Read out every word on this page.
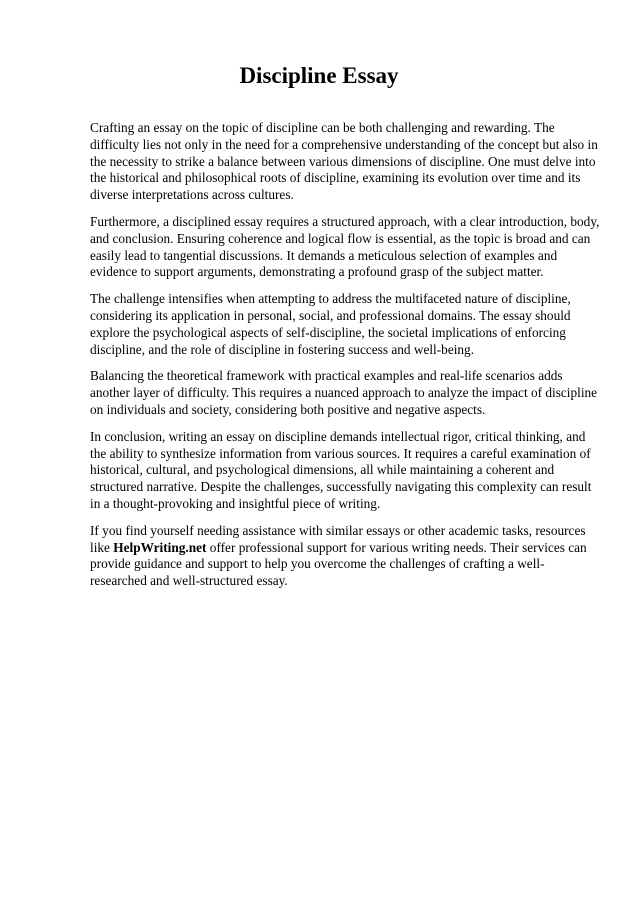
Discipline Essay

Crafting an essay on the topic of discipline can be both challenging and rewarding. The difficulty lies not only in the need for a comprehensive understanding of the concept but also in the necessity to strike a balance between various dimensions of discipline. One must delve into the historical and philosophical roots of discipline, examining its evolution over time and its diverse interpretations across cultures.

Furthermore, a disciplined essay requires a structured approach, with a clear introduction, body, and conclusion. Ensuring coherence and logical flow is essential, as the topic is broad and can easily lead to tangential discussions. It demands a meticulous selection of examples and evidence to support arguments, demonstrating a profound grasp of the subject matter.

The challenge intensifies when attempting to address the multifaceted nature of discipline, considering its application in personal, social, and professional domains. The essay should explore the psychological aspects of self-discipline, the societal implications of enforcing discipline, and the role of discipline in fostering success and well-being.

Balancing the theoretical framework with practical examples and real-life scenarios adds another layer of difficulty. This requires a nuanced approach to analyze the impact of discipline on individuals and society, considering both positive and negative aspects.

In conclusion, writing an essay on discipline demands intellectual rigor, critical thinking, and the ability to synthesize information from various sources. It requires a careful examination of historical, cultural, and psychological dimensions, all while maintaining a coherent and structured narrative. Despite the challenges, successfully navigating this complexity can result in a thought-provoking and insightful piece of writing.

If you find yourself needing assistance with similar essays or other academic tasks, resources like HelpWriting.net offer professional support for various writing needs. Their services can provide guidance and support to help you overcome the challenges of crafting a well-researched and well-structured essay.
